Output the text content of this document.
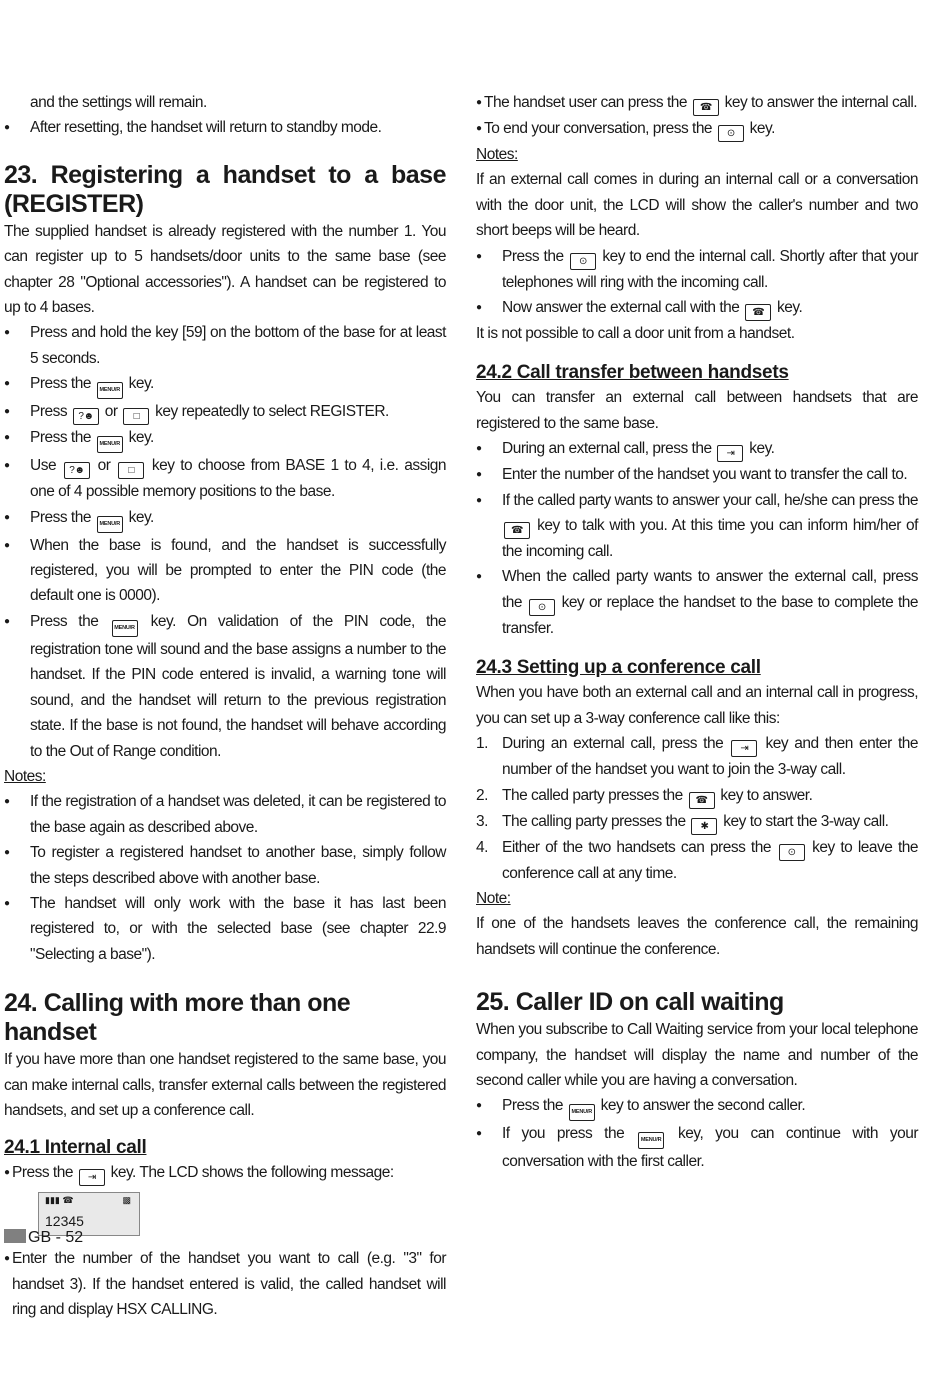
and the settings will remain.

● After resetting, the handset will return to standby mode.

23. Registering a handset to a base (REGISTER)

The supplied handset is already registered with the number 1. You can register up to 5 handsets/door units to the same base (see chapter 28 "Optional accessories"). A handset can be registered to up to 4 bases.

● Press and hold the key [59] on the bottom of the base for at least 5 seconds.

● Press the MENU/R key.

● Press ?☻ or □ key repeatedly to select REGISTER.

● Press the MENU/R key.

● Use ?☻ or □ key to choose from BASE 1 to 4, i.e. assign one of 4 possible memory positions to the base.

● Press the MENU/R key.

● When the base is found, and the handset is successfully registered, you will be prompted to enter the PIN code (the default one is 0000).

● Press the MENU/R key. On validation of the PIN code, the registration tone will sound and the base assigns a number to the handset. If the PIN code entered is invalid, a warning tone will sound, and the handset will return to the previous registration state. If the base is not found, the handset will behave according to the Out of Range condition.

Notes:

● If the registration of a handset was deleted, it can be registered to the base again as described above.

● To register a registered handset to another base, simply follow the steps described above with another base.

● The handset will only work with the base it has last been registered to, or with the selected base (see chapter 22.9 "Selecting a base").

24. Calling with more than one handset

If you have more than one handset registered to the same base, you can make internal calls, transfer external calls between the registered handsets, and set up a conference call.

24.1 Internal call

● Press the ⇥ key. The LCD shows the following message:

▮▮▮ ☎	▩
12345

● Enter the number of the handset you want to call (e.g. "3" for handset 3). If the handset entered is valid, the called handset will ring and display HSX CALLING.

● The handset user can press the ☎ key to answer the internal call.

● To end your conversation, press the ⊙ key.

Notes:

If an external call comes in during an internal call or a conversation with the door unit, the LCD will show the caller's number and two short beeps will be heard.

● Press the ⊙ key to end the internal call. Shortly after that your telephones will ring with the incoming call.

● Now answer the external call with the ☎ key.

It is not possible to call a door unit from a handset.

24.2 Call transfer between handsets

You can transfer an external call between handsets that are registered to the same base.

● During an external call, press the ⇥ key.

● Enter the number of the handset you want to transfer the call to.

● If the called party wants to answer your call, he/she can press the ☎ key to talk with you. At this time you can inform him/her of the incoming call.

● When the called party wants to answer the external call, press the ⊙ key or replace the handset to the base to complete the transfer.

24.3 Setting up a conference call

When you have both an external call and an internal call in progress, you can set up a 3-way conference call like this:

1. During an external call, press the ⇥ key and then enter the number of the handset you want to join the 3-way call.

2. The called party presses the ☎ key to answer.

3. The calling party presses the ✱ key to start the 3-way call.

4. Either of the two handsets can press the ⊙ key to leave the conference call at any time.

Note:

If one of the handsets leaves the conference call, the remaining handsets will continue the conference.

25. Caller ID on call waiting

When you subscribe to Call Waiting service from your local telephone company, the handset will display the name and number of the second caller while you are having a conversation.

● Press the MENU/R key to answer the second caller.

● If you press the MENU/R key, you can continue with your conversation with the first caller.

GB - 52
